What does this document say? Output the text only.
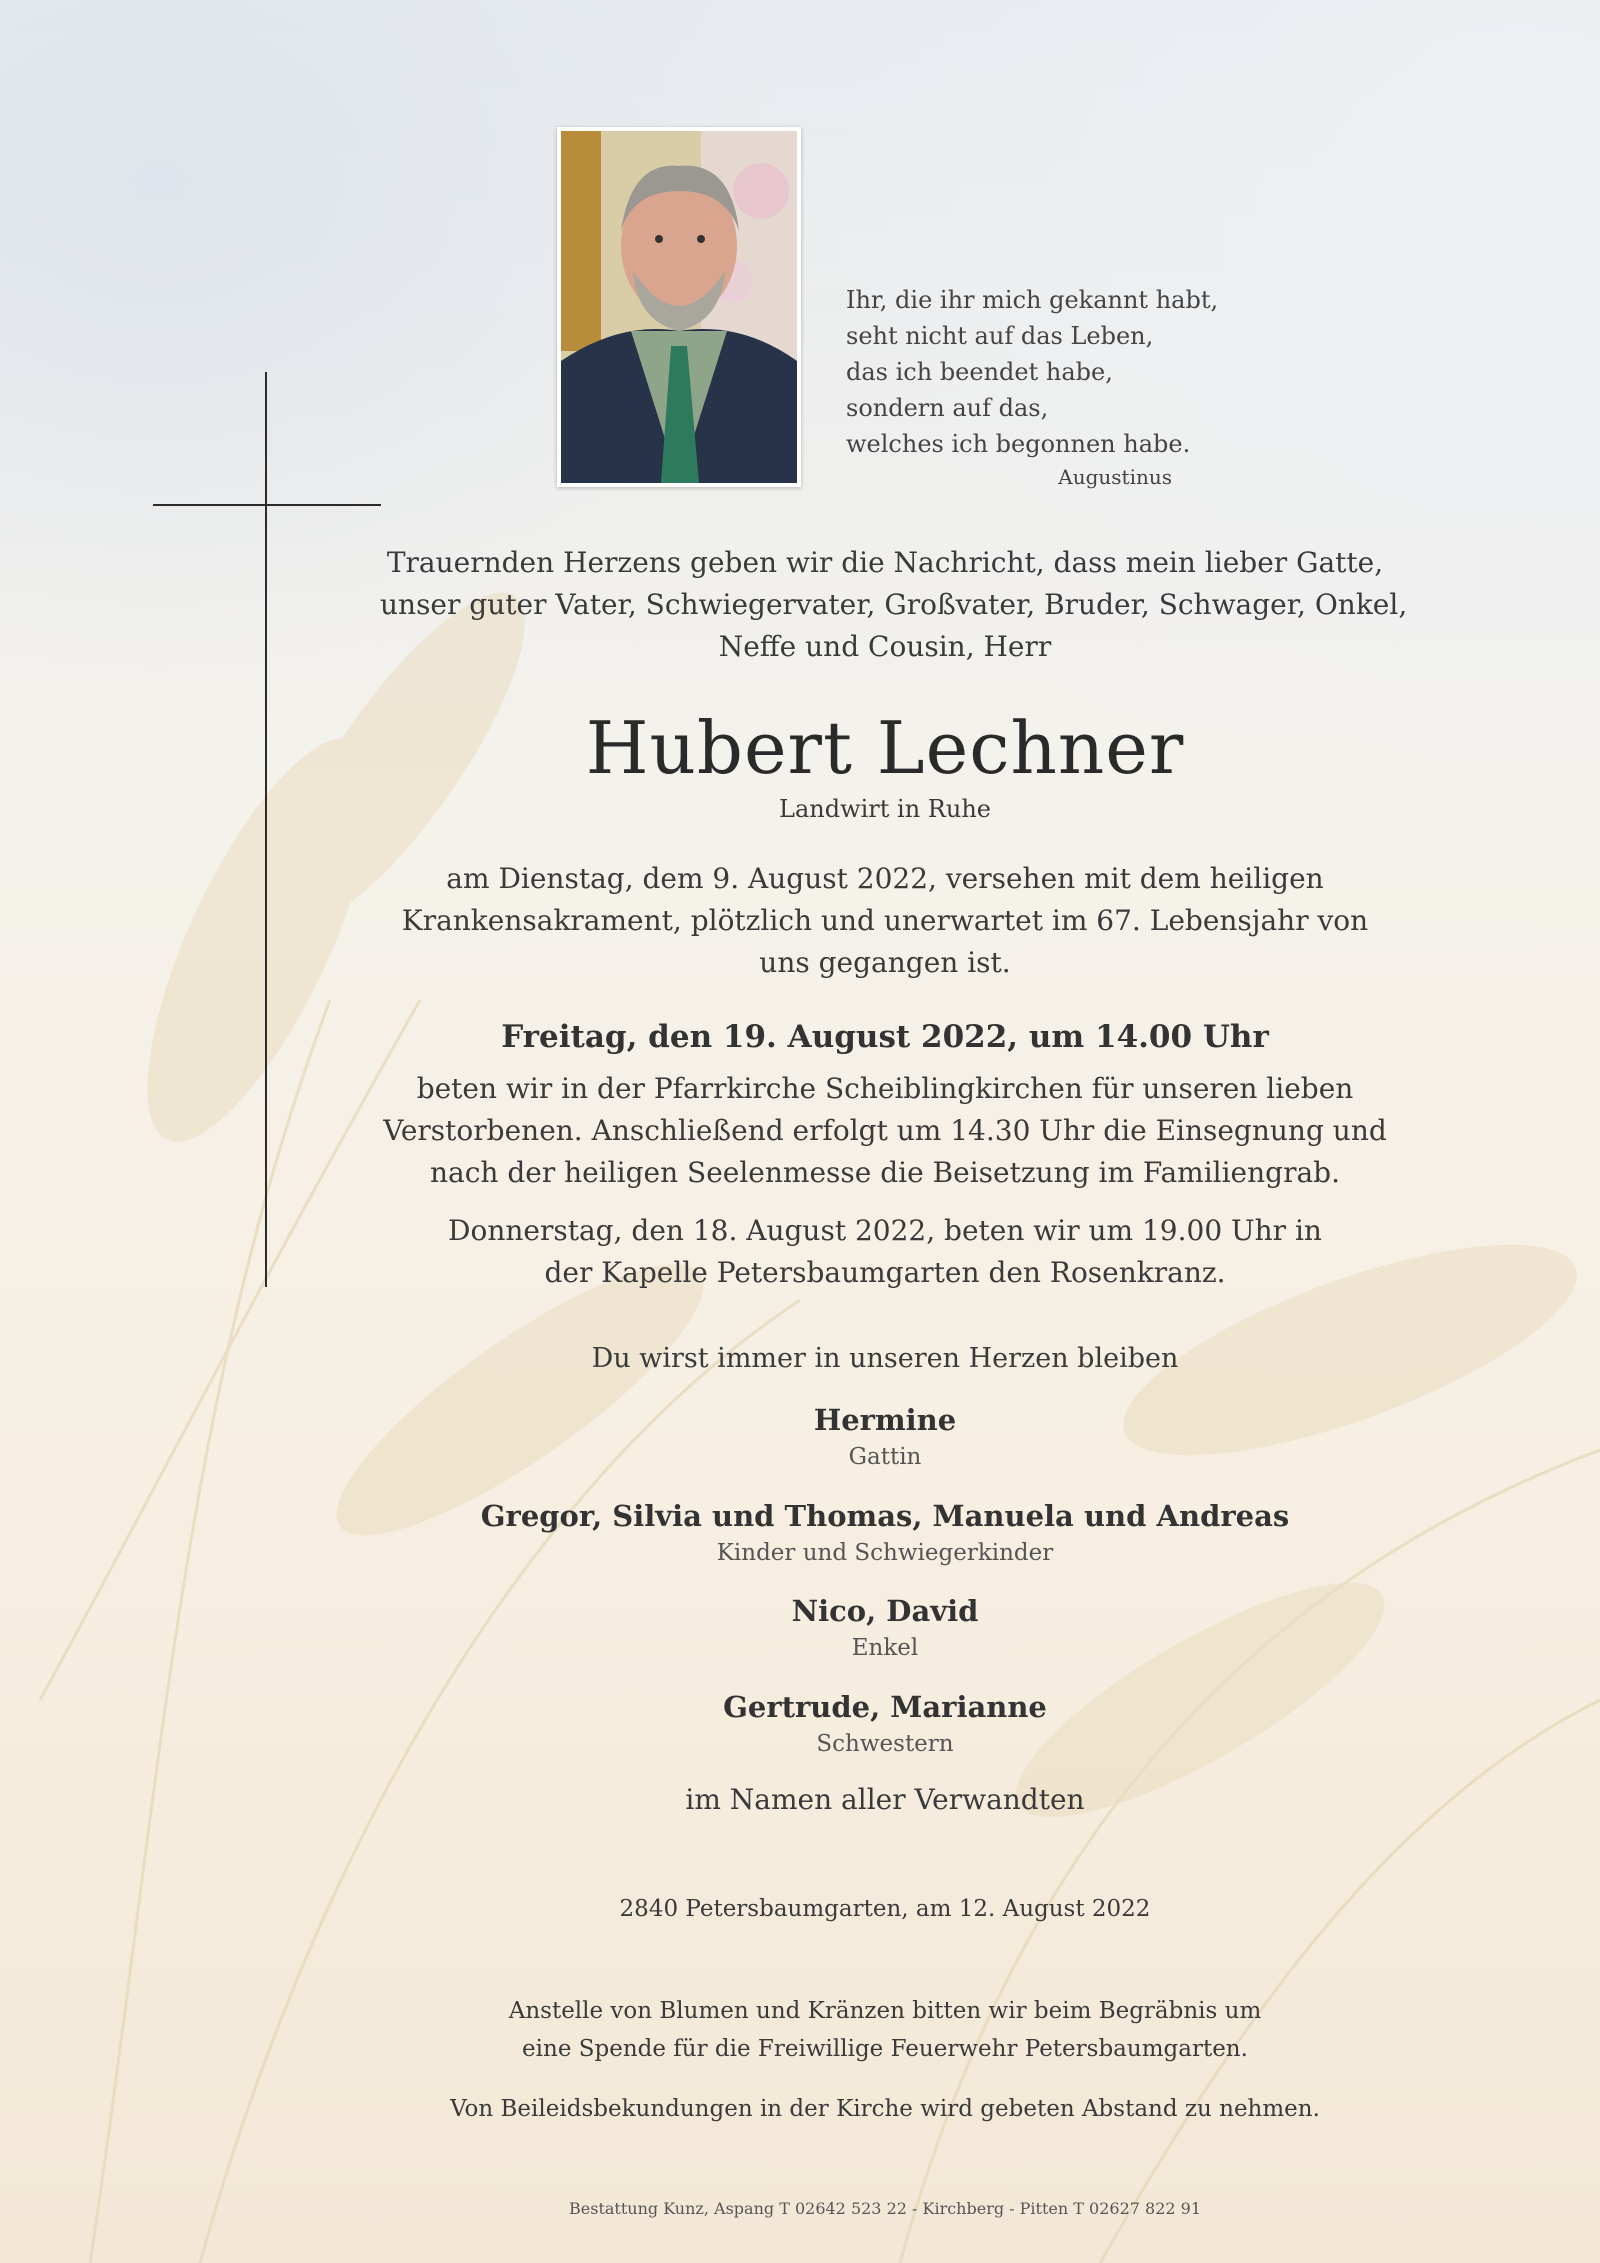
Ihr, die ihr mich gekannt habt,
seht nicht auf das Leben,
das ich beendet habe,
sondern auf das,
welches ich begonnen habe.
Augustinus
Trauernden Herzens geben wir die Nachricht, dass mein lieber Gatte,
unser guter Vater, Schwiegervater, Großvater, Bruder, Schwager, Onkel,
Neffe und Cousin, Herr
Hubert Lechner
Landwirt in Ruhe
am Dienstag, dem 9. August 2022, versehen mit dem heiligen
Krankensakrament, plötzlich und unerwartet im 67. Lebensjahr von
uns gegangen ist.
Freitag, den 19. August 2022, um 14.00 Uhr
beten wir in der Pfarrkirche Scheiblingkirchen für unseren lieben
Verstorbenen. Anschließend erfolgt um 14.30 Uhr die Einsegnung und
nach der heiligen Seelenmesse die Beisetzung im Familiengrab.
Donnerstag, den 18. August 2022, beten wir um 19.00 Uhr in
der Kapelle Petersbaumgarten den Rosenkranz.
Du wirst immer in unseren Herzen bleiben
Hermine
Gattin
Gregor, Silvia und Thomas, Manuela und Andreas
Kinder und Schwiegerkinder
Nico, David
Enkel
Gertrude, Marianne
Schwestern
im Namen aller Verwandten
2840 Petersbaumgarten, am 12. August 2022
Anstelle von Blumen und Kränzen bitten wir beim Begräbnis um
eine Spende für die Freiwillige Feuerwehr Petersbaumgarten.
Von Beileidsbekundungen in der Kirche wird gebeten Abstand zu nehmen.
Bestattung Kunz, Aspang T 02642 523 22 - Kirchberg - Pitten T 02627 822 91
